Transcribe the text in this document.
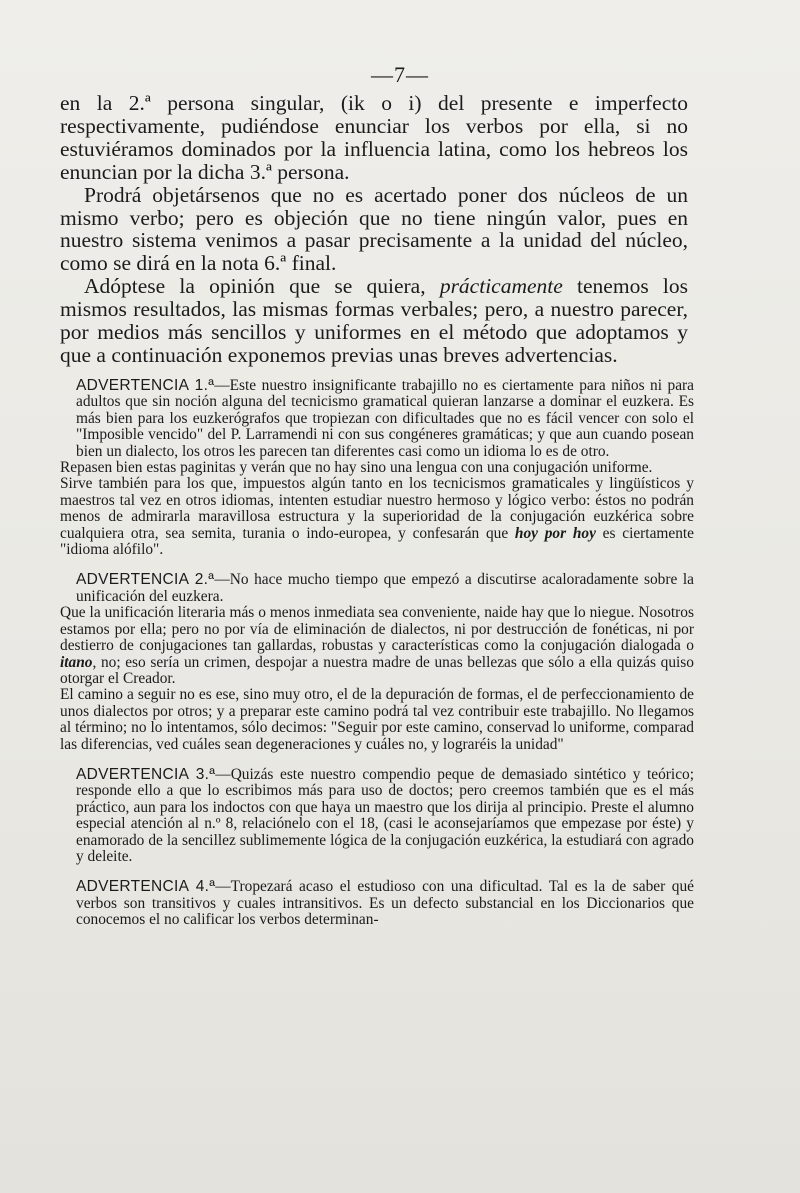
—7—

en la 2.ª persona singular, (ik o i) del presente e imperfecto respectivamente, pudiéndose enunciar los verbos por ella, si no estuviéramos dominados por la influencia latina, como los hebreos los enuncian por la dicha 3.ª persona.

Prodrá objetársenos que no es acertado poner dos núcleos de un mismo verbo; pero es objeción que no tiene ningún valor, pues en nuestro sistema venimos a pasar precisamente a la unidad del núcleo, como se dirá en la nota 6.ª final.

Adóptese la opinión que se quiera, prácticamente tenemos los mismos resultados, las mismas formas verbales; pero, a nuestro parecer, por medios más sencillos y uniformes en el método que adoptamos y que a continuación exponemos previas unas breves advertencias.

ADVERTENCIA 1.ª—Este nuestro insignificante trabajillo no es ciertamente para niños ni para adultos que sin noción alguna del tecnicismo gramatical quieran lanzarse a dominar el euzkera. Es más bien para los euzkerógrafos que tropiezan con dificultades que no es fácil vencer con solo el "Imposible vencido" del P. Larramendi ni con sus congéneres gramáticas; y que aun cuando posean bien un dialecto, los otros les parecen tan diferentes casi como un idioma lo es de otro.

Repasen bien estas paginitas y verán que no hay sino una lengua con una conjugación uniforme.

Sirve también para los que, impuestos algún tanto en los tecnicismos gramaticales y lingüísticos y maestros tal vez en otros idiomas, intenten estudiar nuestro hermoso y lógico verbo: éstos no podrán menos de admirarla maravillosa estructura y la superioridad de la conjugación euzkérica sobre cualquiera otra, sea semita, turania o indo-europea, y confesarán que hoy por hoy es ciertamente "idioma alófilo".

ADVERTENCIA 2.ª—No hace mucho tiempo que empezó a discutirse acaloradamente sobre la unificación del euzkera.

Que la unificación literaria más o menos inmediata sea conveniente, naide hay que lo niegue. Nosotros estamos por ella; pero no por vía de eliminación de dialectos, ni por destrucción de fonéticas, ni por destierro de conjugaciones tan gallardas, robustas y características como la conjugación dialogada o itano, no; eso sería un crimen, despojar a nuestra madre de unas bellezas que sólo a ella quizás quiso otorgar el Creador.

El camino a seguir no es ese, sino muy otro, el de la depuración de formas, el de perfeccionamiento de unos dialectos por otros; y a preparar este camino podrá tal vez contribuir este trabajillo. No llegamos al término; no lo intentamos, sólo decimos: "Seguir por este camino, conservad lo uniforme, comparad las diferencias, ved cuáles sean degeneraciones y cuáles no, y lograréis la unidad"

ADVERTENCIA 3.ª—Quizás este nuestro compendio peque de demasiado sintético y teórico; responde ello a que lo escribimos más para uso de doctos; pero creemos también que es el más práctico, aun para los indoctos con que haya un maestro que los dirija al principio. Preste el alumno especial atención al n.º 8, relaciónelo con el 18, (casi le aconsejaríamos que empezase por éste) y enamorado de la sencillez sublimemente lógica de la conjugación euzkérica, la estudiará con agrado y deleite.

ADVERTENCIA 4.ª—Tropezará acaso el estudioso con una dificultad. Tal es la de saber qué verbos son transitivos y cuales intransitivos. Es un defecto substancial en los Diccionarios que conocemos el no calificar los verbos determinan-
